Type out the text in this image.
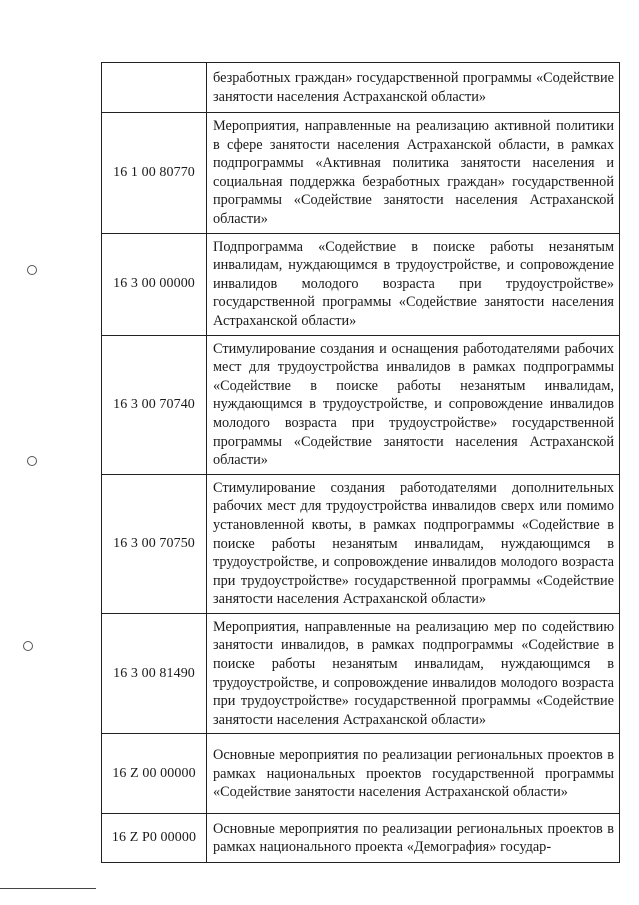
	безработных граждан» государственной программы «Содействие занятости населения Астраханской области»
16 1 00 80770	Мероприятия, направленные на реализацию активной политики в сфере занятости населения Астраханской области, в рамках подпрограммы «Активная политика занятости населения и социальная поддержка безработных граждан» государственной программы «Содействие занятости населения Астраханской области»
16 3 00 00000	Подпрограмма «Содействие в поиске работы незанятым инвалидам, нуждающимся в трудоустройстве, и сопровождение инвалидов молодого возраста при трудоустройстве» государственной программы «Содействие занятости населения Астраханской области»
16 3 00 70740	Стимулирование создания и оснащения работодателями рабочих мест для трудоустройства инвалидов в рамках подпрограммы «Содействие в поиске работы незанятым инвалидам, нуждающимся в трудоустройстве, и сопровождение инвалидов молодого возраста при трудоустройстве» государственной программы «Содействие занятости населения Астраханской области»
16 3 00 70750	Стимулирование создания работодателями дополнительных рабочих мест для трудоустройства инвалидов сверх или помимо установленной квоты, в рамках подпрограммы «Содействие в поиске работы незанятым инвалидам, нуждающимся в трудоустройстве, и сопровождение инвалидов молодого возраста при трудоустройстве» государственной программы «Содействие занятости населения Астраханской области»
16 3 00 81490	Мероприятия, направленные на реализацию мер по содействию занятости инвалидов, в рамках подпрограммы «Содействие в поиске работы незанятым инвалидам, нуждающимся в трудоустройстве, и сопровождение инвалидов молодого возраста при трудоустройстве» государственной программы «Содействие занятости населения Астраханской области»
16 Z 00 00000	Основные мероприятия по реализации региональных проектов в рамках национальных проектов государственной программы «Содействие занятости населения Астраханской области»
16 Z P0 00000	Основные мероприятия по реализации региональных проектов в рамках национального проекта «Демография» государ-
